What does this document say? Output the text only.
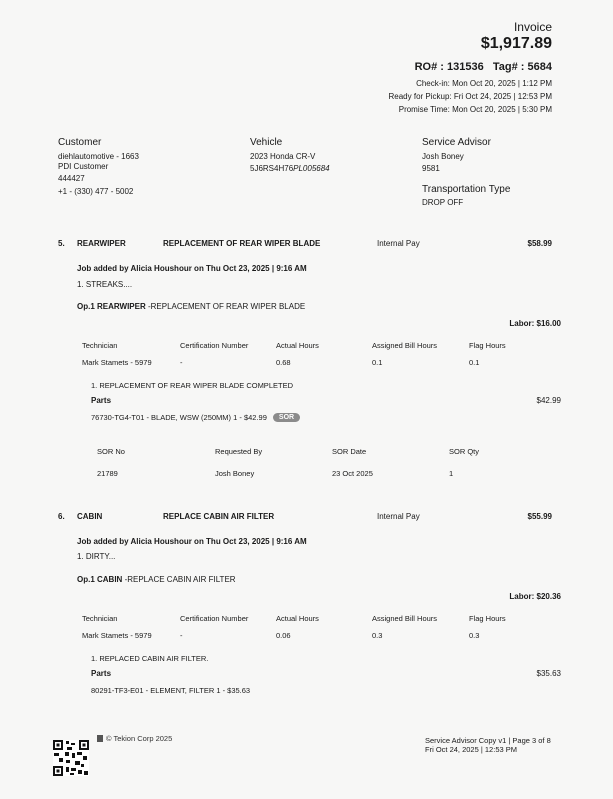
Invoice
$1,917.89
RO# : 131536 Tag# : 5684
Check-in: Mon Oct 20, 2025 | 1:12 PM
Ready for Pickup: Fri Oct 24, 2025 | 12:53 PM
Promise Time: Mon Oct 20, 2025 | 5:30 PM
Customer
diehlautomotive - 1663
PDI Customer
444427
+1 - (330) 477 - 5002
Vehicle
2023 Honda CR-V
5J6RS4H76PL005684
Service Advisor
Josh Boney
9581
Transportation Type
DROP OFF
5. REARWIPER	REPLACEMENT OF REAR WIPER BLADE	Internal Pay	$58.99
Job added by Alicia Houshour on Thu Oct 23, 2025 | 9:16 AM
1. STREAKS....
Op.1 REARWIPER -REPLACEMENT OF REAR WIPER BLADE
Labor: $16.00
Technician	Certification Number	Actual Hours	Assigned Bill Hours	Flag Hours
Mark Stamets - 5979	-	0.68	0.1	0.1
1. REPLACEMENT OF REAR WIPER BLADE COMPLETED
Parts	$42.99
76730-TG4-T01 - BLADE, WSW (250MM) 1 - $42.99 SOR
SOR No	Requested By	SOR Date	SOR Qty
21789	Josh Boney	23 Oct 2025	1
6. CABIN	REPLACE CABIN AIR FILTER	Internal Pay	$55.99
Job added by Alicia Houshour on Thu Oct 23, 2025 | 9:16 AM
1. DIRTY...
Op.1 CABIN -REPLACE CABIN AIR FILTER
Labor: $20.36
Technician	Certification Number	Actual Hours	Assigned Bill Hours	Flag Hours
Mark Stamets - 5979	-	0.06	0.3	0.3
1. REPLACED CABIN AIR FILTER.
Parts	$35.63
80291-TF3-E01 - ELEMENT, FILTER 1 - $35.63
© Tekion Corp 2025	Service Advisor Copy v1 | Page 3 of 8
Fri Oct 24, 2025 | 12:53 PM
